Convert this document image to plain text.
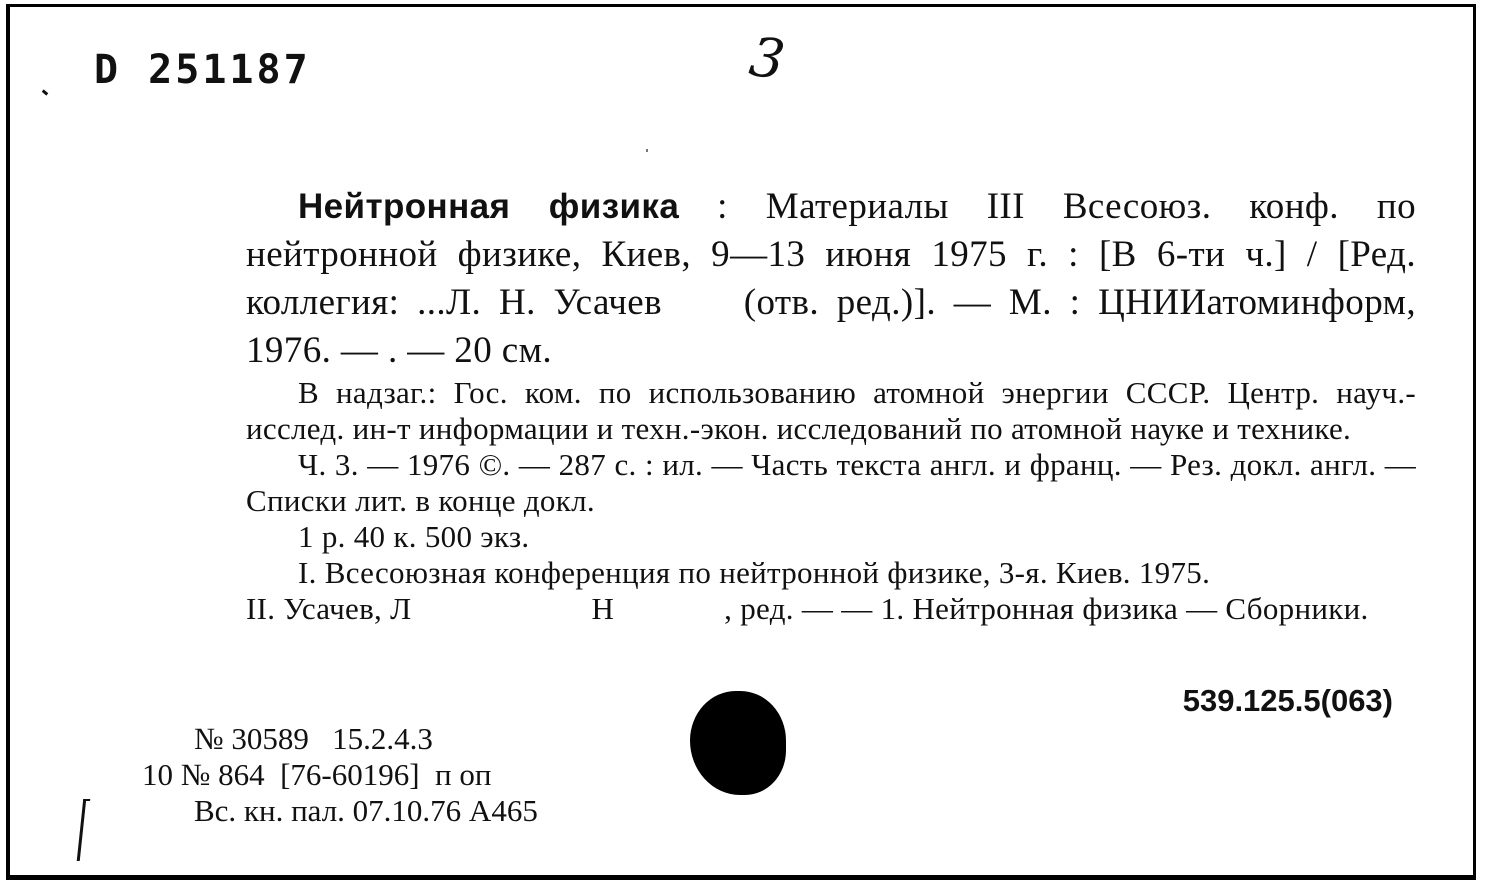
D 251187	3

Нейтронная физика : Материалы III Всесоюз. конф. по нейтронной физике, Киев, 9—13 июня 1975 г. : [В 6-ти ч.] / [Ред. коллегия: ...Л. Н. Усачев (отв. ред.)]. — М. : ЦНИИатоминформ, 1976. — . — 20 см.

В надзаг.: Гос. ком. по использованию атомной энергии СССР. Центр. науч.-исслед. ин-т информации и техн.-экон. исследований по атомной науке и технике.

Ч. 3. — 1976 ©. — 287 с. : ил. — Часть текста англ. и франц. — Рез. докл. англ. — Списки лит. в конце докл.

1 р. 40 к. 500 экз.

I. Всесоюзная конференция по нейтронной физике, 3-я. Киев. 1975.

II. Усачев, Л	Н	, ред. — — 1. Нейтронная физика — Сборники.

539.125.5(063)
№ 30589   15.2.4.3
10 № 864  [76-60196]  п оп
Вс. кн. пал. 07.10.76 A465
